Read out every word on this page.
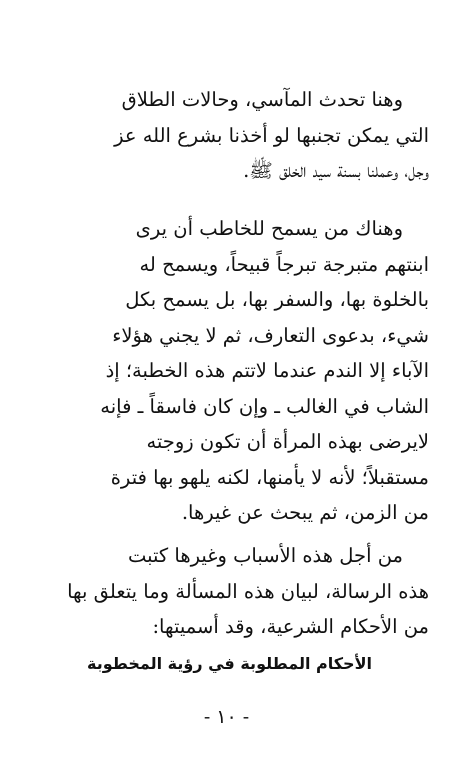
وهنا تحدث المآسي، وحالات الطلاق
التي يمكن تجنبها لو أخذنا بشرع الله عز
وجل، وعملنا بسنة سيد الخلق ﷺ.
وهناك من يسمح للخاطب أن يرى
ابنتهم متبرجة تبرجاً قبيحاً، ويسمح له
بالخلوة بها، والسفر بها، بل يسمح بكل
شيء، بدعوى التعارف، ثم لا يجني هؤلاء
الآباء إلا الندم عندما لاتتم هذه الخطبة؛ إذ
الشاب في الغالب ـ وإن كان فاسقاً ـ فإنه
لايرضى بهذه المرأة أن تكون زوجته
مستقبلاً؛ لأنه لا يأمنها، لكنه يلهو بها فترة
من الزمن، ثم يبحث عن غيرها.
من أجل هذه الأسباب وغيرها كتبت
هذه الرسالة، لبيان هذه المسألة وما يتعلق بها
من الأحكام الشرعية، وقد أسميتها:
الأحكام المطلوبة في رؤية المخطوبة
- ١٠ -
